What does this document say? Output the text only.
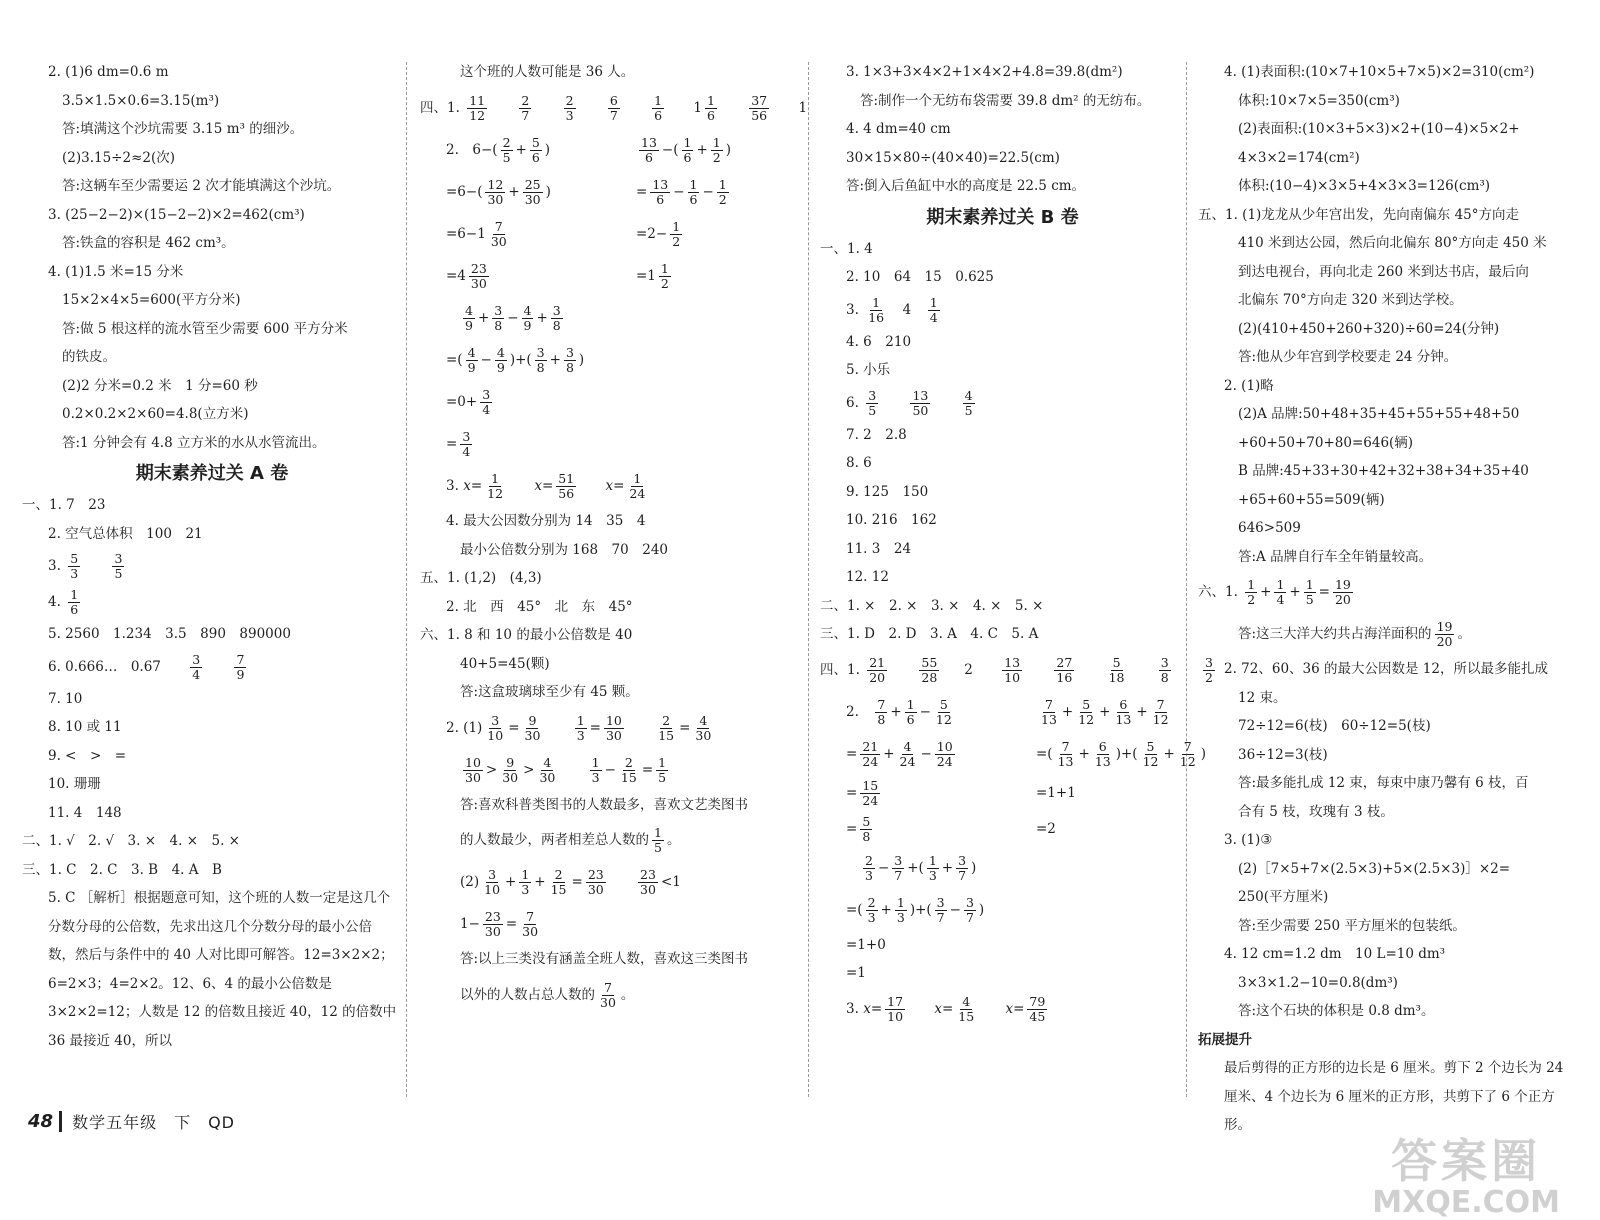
2. (1)6 dm=0.6 m
3.5×1.5×0.6=3.15(m³)
答:填满这个沙坑需要 3.15 m³ 的细沙。
(2)3.15÷2≈2(次)
答:这辆车至少需要运 2 次才能填满这个沙坑。
3. (25−2−2)×(15−2−2)×2=462(cm³)
答:铁盒的容积是 462 cm³。
4. (1)1.5 米=15 分米
15×2×4×5=600(平方分米)
答:做 5 根这样的流水管至少需要 600 平方分米
的铁皮。
(2)2 分米=0.2 米　1 分=60 秒
0.2×0.2×2×60=4.8(立方米)
答:1 分钟会有 4.8 立方米的水从水管流出。
期末素养过关 A 卷
一、1. 7　23
2. 空气总体积　100　21
3. $\frac{5}{3}$
	$\frac{3}{5}$
4. $\frac{1}{6}$
5. 2560　1.234　3.5　890　890000
6. 0.666…　$0.67 \frac{3}{4}$
	$\frac{7}{9}$
7. 10
8. 10 或 11
9. <　>　=
10. 珊珊
11. 4　148
二、1. √　2. √　3. ×　4. ×　5. ×
三、1. C　2. C　3. B　4. A　B
5. C ［解析］根据题意可知，这个班的人数一定是这几个分数分母的公倍数，先求出这几个分数分母的最小公倍数，然后与条件中的 40 人对比即可解答。12=3×2×2；6=2×3；4=2×2。12、6、4 的最小公倍数是 3×2×2=12；人数是 12 的倍数且接近 40，12 的倍数中 36 最接近 40，所以
这个班的人数可能是 36 人。
四、1. $\frac{11}{12}$
	$\frac{2}{7}$
	$\frac{2}{3}$
	$\frac{6}{7}$
	$\frac{1}{6} 1 \frac{1}{6}$
	$\frac{37}{56} 1$
2.　$6-( \frac{2}{5} + \frac{5}{6}$ )	$\frac{13}{6}$ −( $\frac{1}{6} + \frac{1}{2}$ )
$=6-( \frac{12}{30} + \frac{25}{30}$ )	= $\frac{13}{6} - \frac{1}{6} - \frac{1}{2}$
$=6-1 \frac{7}{30}$	$=2- \frac{1}{2}$
$=4 \frac{23}{30}$	$=1 \frac{1}{2}$
$\frac{4}{9} + \frac{3}{8} - \frac{4}{9} + \frac{3}{8}$
=( $\frac{4}{9} - \frac{4}{9}$ )+( $\frac{3}{8} + \frac{3}{8}$ )
$=0+ \frac{3}{4}$
= $\frac{3}{4}$
3. $x= \frac{1}{12} x= \frac{51}{56} x= \frac{1}{24}$
4. 最大公因数分别为 14　35　4
最小公倍数分别为 168　70　240
五、1. (1,2)　(4,3)
2. 北　西　45°　北　东　45°
六、1. 8 和 10 的最小公倍数是 40
40+5=45(颗)
答:这盒玻璃球至少有 45 颗。
2. $(1) \frac{3}{10} = \frac{9}{30}$
	$\frac{1}{3} = \frac{10}{30}$
	$\frac{2}{15} = \frac{4}{30}$
$\frac{10}{30} > \frac{9}{30} > \frac{4}{30}$
	$\frac{1}{3} - \frac{2}{15} = \frac{1}{5}$
答:喜欢科普类图书的人数最多，喜欢文艺类图书
的人数最少，两者相差总人数的 $\frac{1}{5}$ 。
$(2) \frac{3}{10} + \frac{1}{3} + \frac{2}{15} = \frac{23}{30}$
	$\frac{23}{30} <1$
$1- \frac{23}{30} = \frac{7}{30}$
答:以上三类没有涵盖全班人数，喜欢这三类图书
以外的人数占总人数的 $\frac{7}{30}$ 。
3. 1×3+3×4×2+1×4×2+4.8=39.8(dm²)
答:制作一个无纺布袋需要 39.8 dm² 的无纺布。
4. 4 dm=40 cm
30×15×80÷(40×40)=22.5(cm)
答:倒入后鱼缸中水的高度是 22.5 cm。
期末素养过关 B 卷
一、1. 4
2. 10　64　15　0.625
3. $\frac{1}{16}$ 　4　 $\frac{1}{4}$
4. 6　210
5. 小乐
6. $\frac{3}{5}$
	$\frac{13}{50}$
	$\frac{4}{5}$
7. 2　2.8
8. 6
9. 125　150
10. 216　162
11. 3　24
12. 12
二、1. ×　2. ×　3. ×　4. ×　5. ×
三、1. D　2. D　3. A　4. C　5. A
四、1. $\frac{21}{20}$
	$\frac{55}{28} 2 \frac{13}{10}$
	$\frac{27}{16}$
	$\frac{5}{18}$
	$\frac{3}{8}$
	$\frac{3}{2}$
2.　 $\frac{7}{8} + \frac{1}{6} - \frac{5}{12}$	$\frac{7}{13} + \frac{5}{12} + \frac{6}{13} + \frac{7}{12}$
= $\frac{21}{24} + \frac{4}{24} - \frac{10}{24}$	=( $\frac{7}{13} + \frac{6}{13}$ )+( $\frac{5}{12} + \frac{7}{12}$ )
= $\frac{15}{24}$	=1+1
= $\frac{5}{8}$	=2
$\frac{2}{3} - \frac{3}{7}$ +( $\frac{1}{3} + \frac{3}{7}$ )
=( $\frac{2}{3} + \frac{1}{3}$ )+( $\frac{3}{7} - \frac{3}{7}$ )
=1+0
=1
3. $x= \frac{17}{10} x= \frac{4}{15} x= \frac{79}{45}$
4. (1)表面积:(10×7+10×5+7×5)×2=310(cm²)
体积:10×7×5=350(cm³)
(2)表面积:(10×3+5×3)×2+(10−4)×5×2+
4×3×2=174(cm²)
体积:(10−4)×3×5+4×3×3=126(cm³)
五、1. (1)龙龙从少年宫出发，先向南偏东 45°方向走
410 米到达公园，然后向北偏东 80°方向走 450 米
到达电视台，再向北走 260 米到达书店，最后向
北偏东 70°方向走 320 米到达学校。
(2)(410+450+260+320)÷60=24(分钟)
答:他从少年宫到学校要走 24 分钟。
2. (1)略
(2)A 品牌:50+48+35+45+55+55+48+50
+60+50+70+80=646(辆)
B 品牌:45+33+30+42+32+38+34+35+40
+65+60+55=509(辆)
646>509
答:A 品牌自行车全年销量较高。
六、1. $\frac{1}{2} + \frac{1}{4} + \frac{1}{5} = \frac{19}{20}$
答:这三大洋大约共占海洋面积的 $\frac{19}{20}$ 。
2. 72、60、36 的最大公因数是 12，所以最多能扎成
12 束。
72÷12=6(枝)　60÷12=5(枝)
36÷12=3(枝)
答:最多能扎成 12 束，每束中康乃馨有 6 枝，百
合有 5 枝，玫瑰有 3 枝。
3. (1)③
(2)［7×5+7×(2.5×3)+5×(2.5×3)］×2=
250(平方厘米)
答:至少需要 250 平方厘米的包装纸。
4. 12 cm=1.2 dm　10 L=10 dm³
3×3×1.2−10=0.8(dm³)
答:这个石块的体积是 0.8 dm³。
拓展提升
最后剪得的正方形的边长是 6 厘米。剪下 2 个边长为 24 厘米、4 个边长为 6 厘米的正方形，共剪下了 6 个正方形。
48	数学五年级　下　QD
答案圈
MXQE.COM
